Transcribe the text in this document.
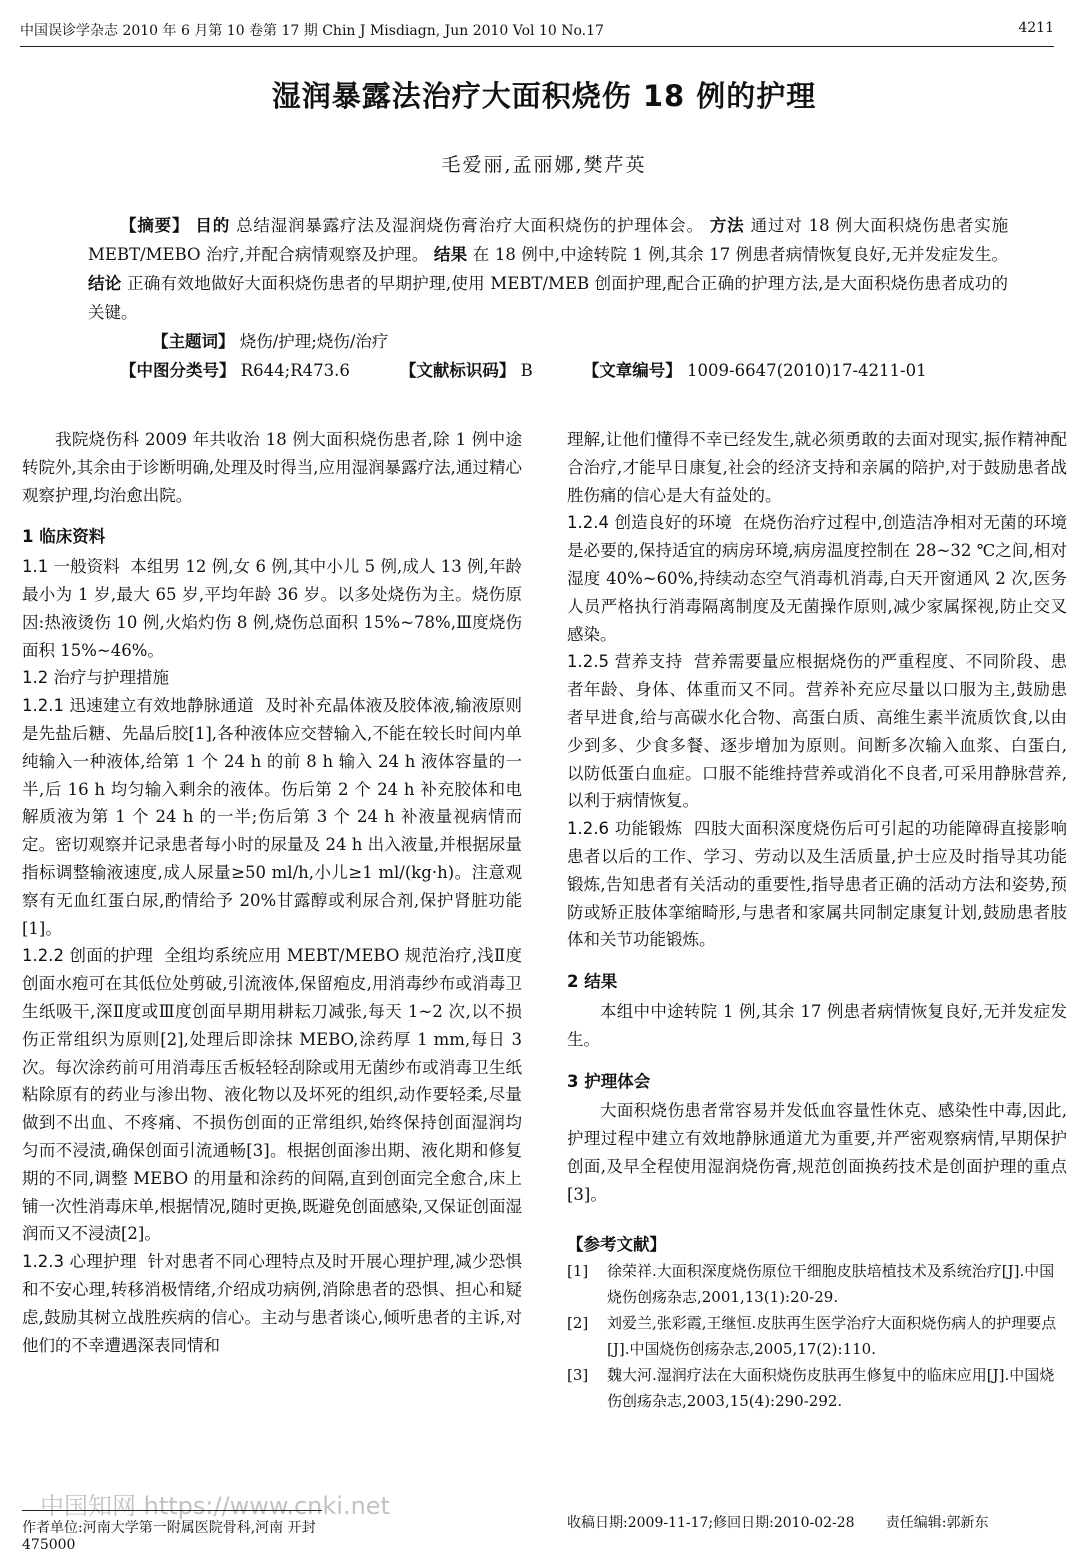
中国误诊学杂志 2010 年 6 月第 10 卷第 17 期 Chin J Misdiagn, Jun 2010 Vol 10 No.17	4211
湿润暴露法治疗大面积烧伤 18 例的护理
毛爱丽,孟丽娜,樊芹英

【摘要】 目的 总结湿润暴露疗法及湿润烧伤膏治疗大面积烧伤的护理体会。 方法 通过对 18 例大面积烧伤患者实施 MEBT/MEBO 治疗,并配合病情观察及护理。 结果 在 18 例中,中途转院 1 例,其余 17 例患者病情恢复良好,无并发症发生。 结论 正确有效地做好大面积烧伤患者的早期护理,使用 MEBT/MEB 创面护理,配合正确的护理方法,是大面积烧伤患者成功的关键。

【主题词】 烧伤/护理;烧伤/治疗

【中图分类号】 R644;R473.6	【文献标识码】 B	【文章编号】 1009-6647(2010)17-4211-01

我院烧伤科 2009 年共收治 18 例大面积烧伤患者,除 1 例中途转院外,其余由于诊断明确,处理及时得当,应用湿润暴露疗法,通过精心观察护理,均治愈出院。

1 临床资料

1.1 一般资料 本组男 12 例,女 6 例,其中小儿 5 例,成人 13 例,年龄最小为 1 岁,最大 65 岁,平均年龄 36 岁。以多处烧伤为主。烧伤原因:热液烫伤 10 例,火焰灼伤 8 例,烧伤总面积 15%~78%,Ⅲ度烧伤面积 15%~46%。

1.2 治疗与护理措施

1.2.1 迅速建立有效地静脉通道 及时补充晶体液及胶体液,输液原则是先盐后糖、先晶后胶[1],各种液体应交替输入,不能在较长时间内单纯输入一种液体,给第 1 个 24 h 的前 8 h 输入 24 h 液体容量的一半,后 16 h 均匀输入剩余的液体。伤后第 2 个 24 h 补充胶体和电解质液为第 1 个 24 h 的一半;伤后第 3 个 24 h 补液量视病情而定。密切观察并记录患者每小时的尿量及 24 h 出入液量,并根据尿量指标调整输液速度,成人尿量≥50 ml/h,小儿≥1 ml/(kg·h)。注意观察有无血红蛋白尿,酌情给予 20%甘露醇或利尿合剂,保护肾脏功能[1]。

1.2.2 创面的护理 全组均系统应用 MEBT/MEBO 规范治疗,浅Ⅱ度创面水疱可在其低位处剪破,引流液体,保留疱皮,用消毒纱布或消毒卫生纸吸干,深Ⅱ度或Ⅲ度创面早期用耕耘刀减张,每天 1~2 次,以不损伤正常组织为原则[2],处理后即涂抹 MEBO,涂药厚 1 mm,每日 3 次。每次涂药前可用消毒压舌板轻轻刮除或用无菌纱布或消毒卫生纸粘除原有的药业与渗出物、液化物以及坏死的组织,动作要轻柔,尽量做到不出血、不疼痛、不损伤创面的正常组织,始终保持创面湿润均匀而不浸渍,确保创面引流通畅[3]。根据创面渗出期、液化期和修复期的不同,调整 MEBO 的用量和涂药的间隔,直到创面完全愈合,床上铺一次性消毒床单,根据情况,随时更换,既避免创面感染,又保证创面湿润而又不浸渍[2]。

1.2.3 心理护理 针对患者不同心理特点及时开展心理护理,减少恐惧和不安心理,转移消极情绪,介绍成功病例,消除患者的恐惧、担心和疑虑,鼓励其树立战胜疾病的信心。主动与患者谈心,倾听患者的主诉,对他们的不幸遭遇深表同情和

理解,让他们懂得不幸已经发生,就必须勇敢的去面对现实,振作精神配合治疗,才能早日康复,社会的经济支持和亲属的陪护,对于鼓励患者战胜伤痛的信心是大有益处的。

1.2.4 创造良好的环境 在烧伤治疗过程中,创造洁净相对无菌的环境是必要的,保持适宜的病房环境,病房温度控制在 28~32 ℃之间,相对湿度 40%~60%,持续动态空气消毒机消毒,白天开窗通风 2 次,医务人员严格执行消毒隔离制度及无菌操作原则,减少家属探视,防止交叉感染。

1.2.5 营养支持 营养需要量应根据烧伤的严重程度、不同阶段、患者年龄、身体、体重而又不同。营养补充应尽量以口服为主,鼓励患者早进食,给与高碳水化合物、高蛋白质、高维生素半流质饮食,以由少到多、少食多餐、逐步增加为原则。间断多次输入血浆、白蛋白,以防低蛋白血症。口服不能维持营养或消化不良者,可采用静脉营养,以利于病情恢复。

1.2.6 功能锻炼 四肢大面积深度烧伤后可引起的功能障碍直接影响患者以后的工作、学习、劳动以及生活质量,护士应及时指导其功能锻炼,告知患者有关活动的重要性,指导患者正确的活动方法和姿势,预防或矫正肢体挛缩畸形,与患者和家属共同制定康复计划,鼓励患者肢体和关节功能锻炼。

2 结果

本组中中途转院 1 例,其余 17 例患者病情恢复良好,无并发症发生。

3 护理体会

大面积烧伤患者常容易并发低血容量性休克、感染性中毒,因此,护理过程中建立有效地静脉通道尤为重要,并严密观察病情,早期保护创面,及早全程使用湿润烧伤膏,规范创面换药技术是创面护理的重点[3]。

【参考文献】

[1]	徐荣祥.大面积深度烧伤原位干细胞皮肤培植技术及系统治疗[J].中国烧伤创疡杂志,2001,13(1):20-29.
[2]	刘爱兰,张彩霞,王继恒.皮肤再生医学治疗大面积烧伤病人的护理要点[J].中国烧伤创疡杂志,2005,17(2):110.
[3]	魏大河.湿润疗法在大面积烧伤皮肤再生修复中的临床应用[J].中国烧伤创疡杂志,2003,15(4):290-292.
中国知网 https://www.cnki.net
作者单位:河南大学第一附属医院骨科,河南 开封 475000
收稿日期:2009-11-17;修回日期:2010-02-28 责任编辑:郭新东
